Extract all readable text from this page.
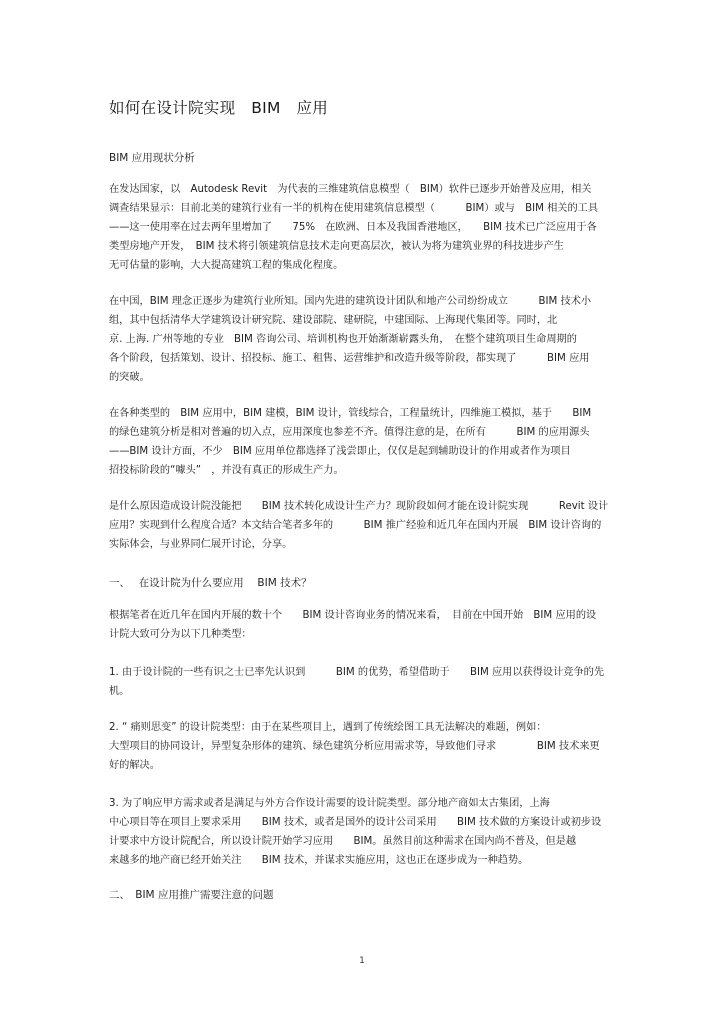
如何在设计院实现　BIM　应用
BIM 应用现状分析
在发达国家，以　Autodesk Revit　为代表的三维建筑信息模型（　BIM）软件已逐步开始普及应用，相关
调查结果显示：目前北美的建筑行业有一半的机构在使用建筑信息模型（　　　BIM）或与　BIM 相关的工具
——这一使用率在过去两年里增加了　　75%　在欧洲、日本及我国香港地区，　　BIM 技术已广泛应用于各
类型房地产开发，　BIM 技术将引领建筑信息技术走向更高层次，被认为将为建筑业界的科技进步产生
无可估量的影响，大大提高建筑工程的集成化程度。
在中国，BIM 理念正逐步为建筑行业所知。国内先进的建筑设计团队和地产公司纷纷成立　　　BIM 技术小
组，其中包括清华大学建筑设计研究院、建设部院、建研院，中建国际、上海现代集团等。同时，北
京. 上海. 广州等地的专业　BIM 咨询公司、培训机构也开始渐渐崭露头角，　在整个建筑项目生命周期的
各个阶段，包括策划、设计、招投标、施工、租售、运营维护和改造升级等阶段，都实现了　　　BIM 应用
的突破。
在各种类型的　BIM 应用中，BIM 建模，BIM 设计，管线综合，工程量统计，四维施工模拟，基于　　BIM
的绿色建筑分析是相对普遍的切入点，应用深度也参差不齐。值得注意的是，在所有　　　BIM 的应用源头
——BIM 设计方面，不少　BIM 应用单位都选择了浅尝即止，仅仅是起到辅助设计的作用或者作为项目
招投标阶段的“噱头”　，并没有真正的形成生产力。
是什么原因造成设计院没能把　　BIM 技术转化成设计生产力？现阶段如何才能在设计院实现　　　Revit 设计
应用？实现到什么程度合适？本文结合笔者多年的　　　BIM 推广经验和近几年在国内开展　BIM 设计咨询的
实际体会，与业界同仁展开讨论，分享。
一、　 在设计院为什么要应用　 BIM 技术？
根据笔者在近几年在国内开展的数十个　　BIM 设计咨询业务的情况来看，　目前在中国开始　BIM 应用的设
计院大致可分为以下几种类型：
1. 由于设计院的一些有识之士已率先认识到　　　BIM 的优势，希望借助于　　BIM 应用以获得设计竞争的先
机。
2. “ 痛则思变” 的设计院类型：由于在某些项目上，遇到了传统绘图工具无法解决的难题，例如：
大型项目的协同设计，异型复杂形体的建筑、绿色建筑分析应用需求等，导致他们寻求　　　　BIM 技术来更
好的解决。
3. 为了响应甲方需求或者是满足与外方合作设计需要的设计院类型。部分地产商如太古集团，上海
中心项目等在项目上要求采用　　BIM 技术，或者是国外的设计公司采用　　BIM 技术做的方案设计或初步设
计要求中方设计院配合，所以设计院开始学习应用　　BIM。虽然目前这种需求在国内尚不普及，但是越
来越多的地产商已经开始关注　　BIM 技术，并谋求实施应用，这也正在逐步成为一种趋势。
二、　BIM 应用推广需要注意的问题
1
